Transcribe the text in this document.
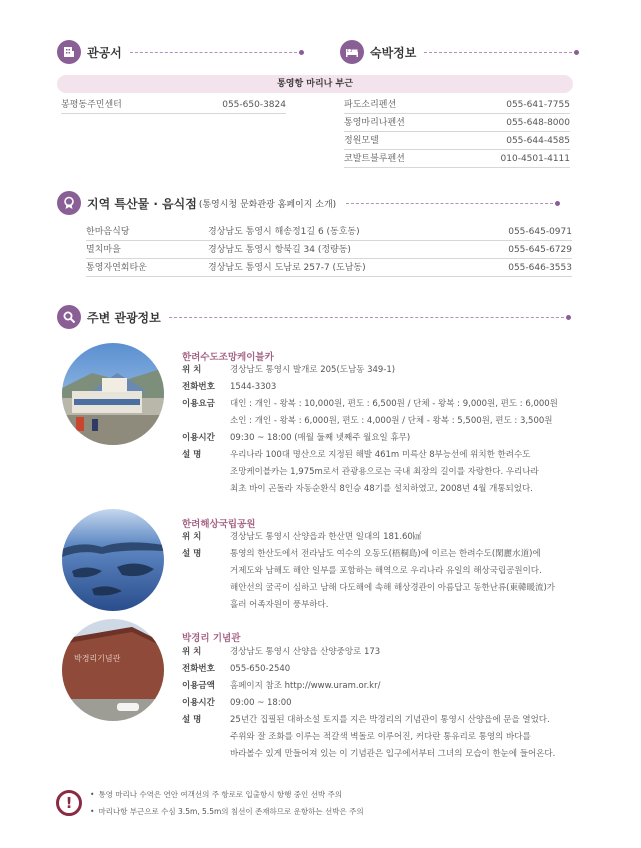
관공서	숙박정보
통영항 마리나 부근
봉평동주민센터	055-650-3824	파도소리펜션	055-641-7755
통영마리나펜션	055-648-8000
정원모텔	055-644-4585
코발트블루펜션	010-4501-4111
지역 특산물 · 음식점 (통영시청 문화관광 홈페이지 소개)
한마음식당	경상남도 통영시 해송정1길 6 (동호동)	055-645-0971
멸치마을	경상남도 통영시 항북길 34 (정량동)	055-645-6729
통영자연회타운	경상남도 통영시 도남로 257-7 (도남동)	055-646-3553
주변 관광정보
한려수도조망케이블카
위 치	경상남도 통영시 발개로 205(도남동 349-1)
전화번호	1544-3303
이용요금	대인 : 개인 - 왕복 : 10,000원, 편도 : 6,500원 / 단체 - 왕복 : 9,000원, 편도 : 6,000원
소인 : 개인 - 왕복 : 6,000원, 편도 : 4,000원 / 단체 - 왕복 : 5,500원, 편도 : 3,500원
이용시간	09:30 ~ 18:00 (매월 둘째 넷째주 월요일 휴무)
설 명	우리나라 100대 명산으로 지정된 해발 461m 미륵산 8부능선에 위치한 한려수도
조망케이블카는 1,975m로서 관광용으로는 국내 최장의 길이를 자랑한다. 우리나라
최초 바이 곤돌라 자동순환식 8인승 48기를 설치하였고, 2008년 4월 개통되었다.
한려해상국립공원
위 치	경상남도 통영시 산양읍과 한산면 일대의 181.60㎢
설 명	통영의 한산도에서 전라남도 여수의 오동도(梧桐島)에 이르는 한려수도(閑麗水道)에
거제도와 남해도 해안 일부를 포함하는 해역으로 우리나라 유일의 해상국립공원이다.
해안선의 굴곡이 심하고 남해 다도해에 속해 해상경관이 아름답고 동한난류(東韓暖流)가
흘러 어족자원이 풍부하다.
박경리기념관
박경리 기념관
위 치	경상남도 통영시 산양읍 산양중앙로 173
전화번호	055-650-2540
이용금액	홈페이지 참조 http://www.uram.or.kr/
이용시간	09:00 ~ 18:00
설 명	25년간 집필된 대하소설 토지를 지은 박경리의 기념관이 통영시 산양읍에 문을 열었다.
주위와 잘 조화를 이루는 적갈색 벽돌로 이루어진, 커다란 통유리로 통영의 바다를
바라볼수 있게 만들어져 있는 이 기념관은 입구에서부터 그녀의 모습이 한눈에 들어온다.
!
•	통영 마리나 수역은 연안 여객선의 주 항로로 입출항시 항행 중인 선박 주의
• 마리나항 부근으로 수심 3.5m, 5.5m의 침선이 존재하므로 운항하는 선박은 주의
